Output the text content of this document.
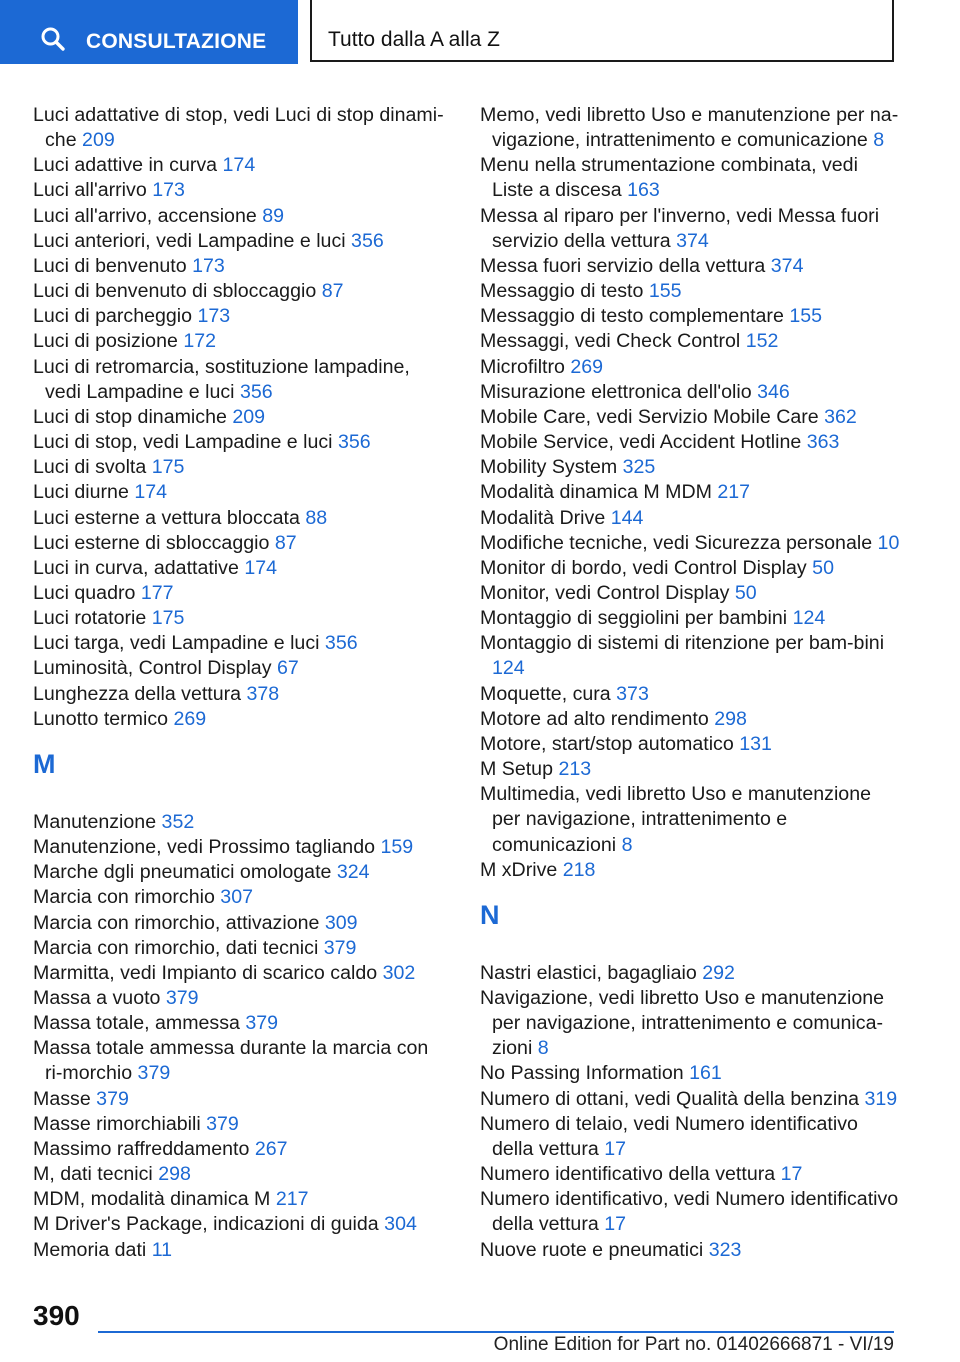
CONSULTAZIONE	Tutto dalla A alla Z
Luci adattative di stop, vedi Luci di stop dinami-che 209
Luci adattive in curva 174
Luci all'arrivo 173
Luci all'arrivo, accensione 89
Luci anteriori, vedi Lampadine e luci 356
Luci di benvenuto 173
Luci di benvenuto di sbloccaggio 87
Luci di parcheggio 173
Luci di posizione 172
Luci di retromarcia, sostituzione lampadine, vedi Lampadine e luci 356
Luci di stop dinamiche 209
Luci di stop, vedi Lampadine e luci 356
Luci di svolta 175
Luci diurne 174
Luci esterne a vettura bloccata 88
Luci esterne di sbloccaggio 87
Luci in curva, adattative 174
Luci quadro 177
Luci rotatorie 175
Luci targa, vedi Lampadine e luci 356
Luminosità, Control Display 67
Lunghezza della vettura 378
Lunotto termico 269
M
Manutenzione 352
Manutenzione, vedi Prossimo tagliando 159
Marche dgli pneumatici omologate 324
Marcia con rimorchio 307
Marcia con rimorchio, attivazione 309
Marcia con rimorchio, dati tecnici 379
Marmitta, vedi Impianto di scarico caldo 302
Massa a vuoto 379
Massa totale, ammessa 379
Massa totale ammessa durante la marcia con ri-morchio 379
Masse 379
Masse rimorchiabili 379
Massimo raffreddamento 267
M, dati tecnici 298
MDM, modalità dinamica M 217
M Driver's Package, indicazioni di guida 304
Memoria dati 11
Memo, vedi libretto Uso e manutenzione per na-vigazione, intrattenimento e comunicazione 8
Menu nella strumentazione combinata, vedi Liste a discesa 163
Messa al riparo per l'inverno, vedi Messa fuori servizio della vettura 374
Messa fuori servizio della vettura 374
Messaggio di testo 155
Messaggio di testo complementare 155
Messaggi, vedi Check Control 152
Microfiltro 269
Misurazione elettronica dell'olio 346
Mobile Care, vedi Servizio Mobile Care 362
Mobile Service, vedi Accident Hotline 363
Mobility System 325
Modalità dinamica M MDM 217
Modalità Drive 144
Modifiche tecniche, vedi Sicurezza personale 10
Monitor di bordo, vedi Control Display 50
Monitor, vedi Control Display 50
Montaggio di seggiolini per bambini 124
Montaggio di sistemi di ritenzione per bam-bini 124
Moquette, cura 373
Motore ad alto rendimento 298
Motore, start/stop automatico 131
M Setup 213
Multimedia, vedi libretto Uso e manutenzione per navigazione, intrattenimento e comunicazioni 8
M xDrive 218
N
Nastri elastici, bagagliaio 292
Navigazione, vedi libretto Uso e manutenzione per navigazione, intrattenimento e comunica-zioni 8
No Passing Information 161
Numero di ottani, vedi Qualità della benzina 319
Numero di telaio, vedi Numero identificativo della vettura 17
Numero identificativo della vettura 17
Numero identificativo, vedi Numero identificativo della vettura 17
Nuove ruote e pneumatici 323
390
Online Edition for Part no. 01402666871 - VI/19
